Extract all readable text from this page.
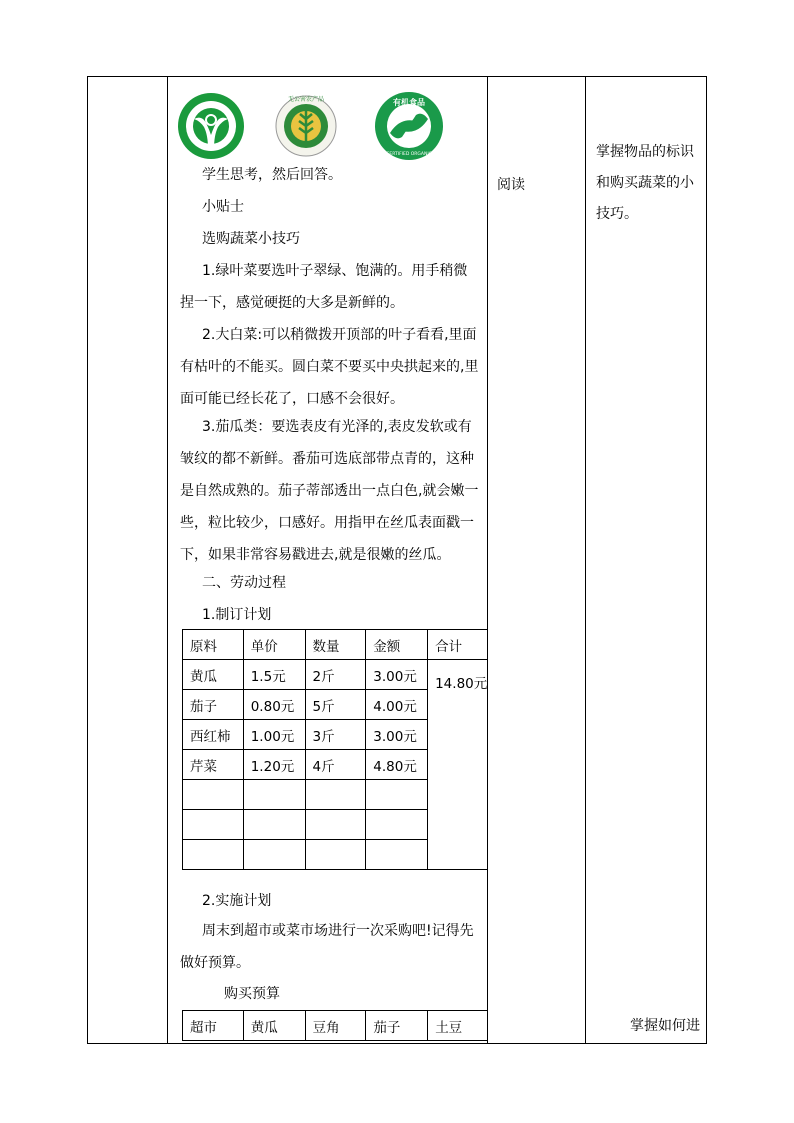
无公害农产品	有机食品
CERTIFIED ORGANIC

学生思考，然后回答。

小贴士

选购蔬菜小技巧

1.绿叶菜要选叶子翠绿、饱满的。用手稍微捏一下，感觉硬挺的大多是新鲜的。

2.大白菜:可以稍微拨开顶部的叶子看看,里面有枯叶的不能买。圆白菜不要买中央拱起来的,里面可能已经长花了，口感不会很好。

3.茄瓜类：要选表皮有光泽的,表皮发软或有皱纹的都不新鲜。番茄可选底部带点青的，这种是自然成熟的。茄子蒂部透出一点白色,就会嫩一些，粒比较少，口感好。用指甲在丝瓜表面戳一下，如果非常容易戳进去,就是很嫩的丝瓜。

二、劳动过程

1.制订计划

原料	单价	数量	金额	合计
黄瓜	1.5元	2斤	3.00元	14.80元
茄子	0.80元	5斤	4.00元	
西红柿	1.00元	3斤	3.00元	
芹菜	1.20元	4斤	4.80元	

2.实施计划

周末到超市或菜市场进行一次采购吧!记得先做好预算。

购买预算

超市	黄瓜	豆角	茄子	土豆
阅读

掌握物品的标识和购买蔬菜的小技巧。

掌握如何进
